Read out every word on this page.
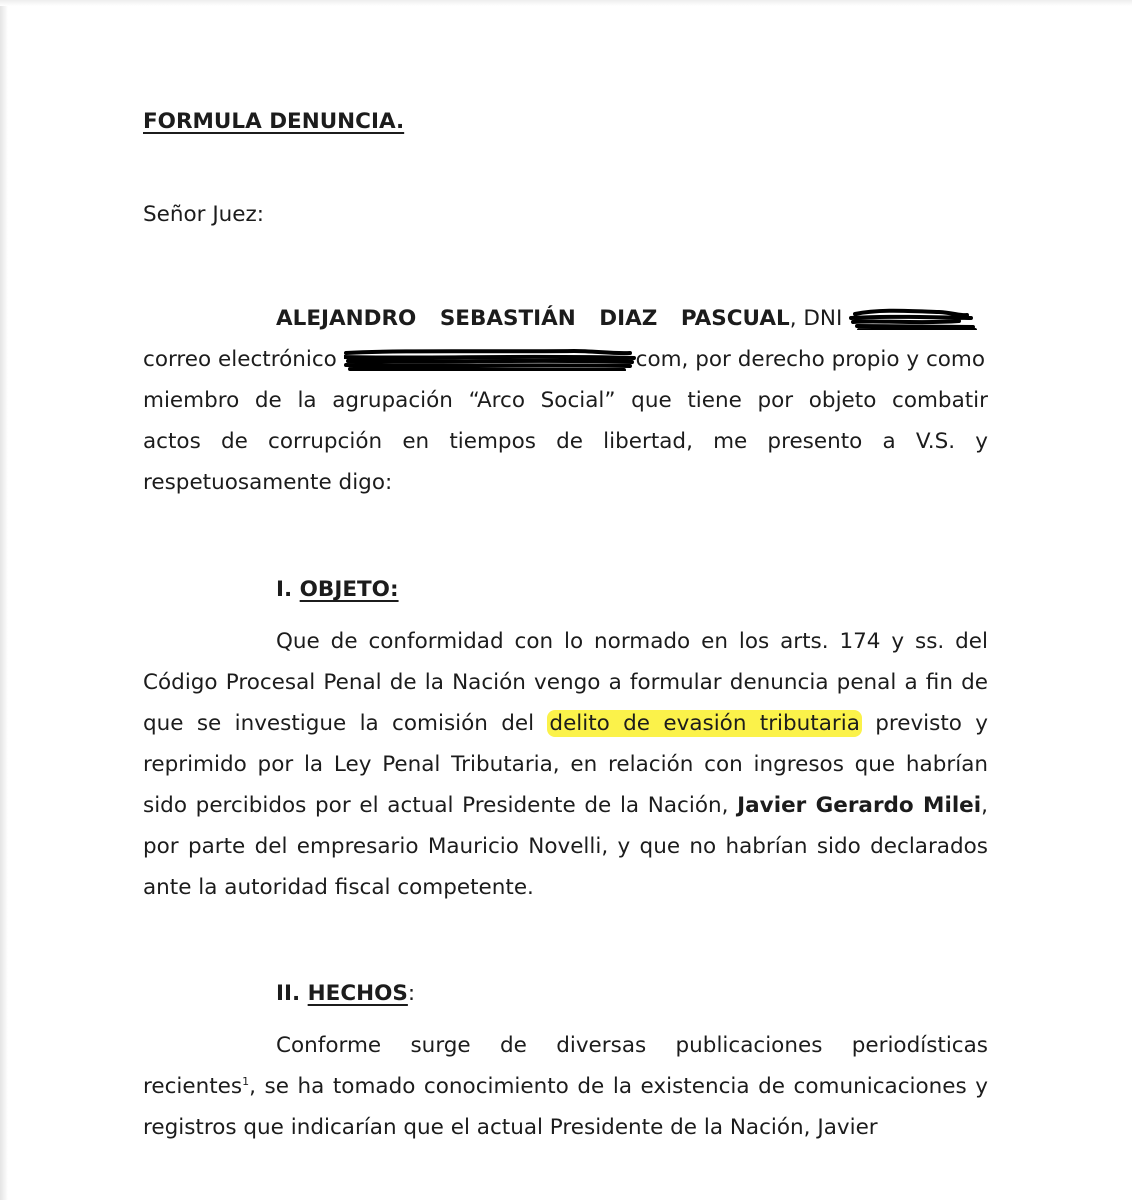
FORMULA DENUNCIA.
Señor Juez:
ALEJANDRO SEBASTIÁN DIAZ PASCUAL, DNI
correo electrónico	com, por derecho propio y como
miembro de la agrupación “Arco Social” que tiene por objeto combatir
actos de corrupción en tiempos de libertad, me presento a V.S. y
respetuosamente digo:
I. OBJETO:
Que de conformidad con lo normado en los arts. 174 y ss. del Código Procesal Penal de la Nación vengo a formular denuncia penal a fin de que se investigue la comisión del delito de evasión tributaria previsto y reprimido por la Ley Penal Tributaria, en relación con ingresos que habrían sido percibidos por el actual Presidente de la Nación, Javier Gerardo Milei, por parte del empresario Mauricio Novelli, y que no habrían sido declarados ante la autoridad fiscal competente.
II. HECHOS:
Conforme surge de diversas publicaciones periodísticas recientes$^1$, se ha tomado conocimiento de la existencia de comunicaciones y registros que indicarían que el actual Presidente de la Nación, Javier
